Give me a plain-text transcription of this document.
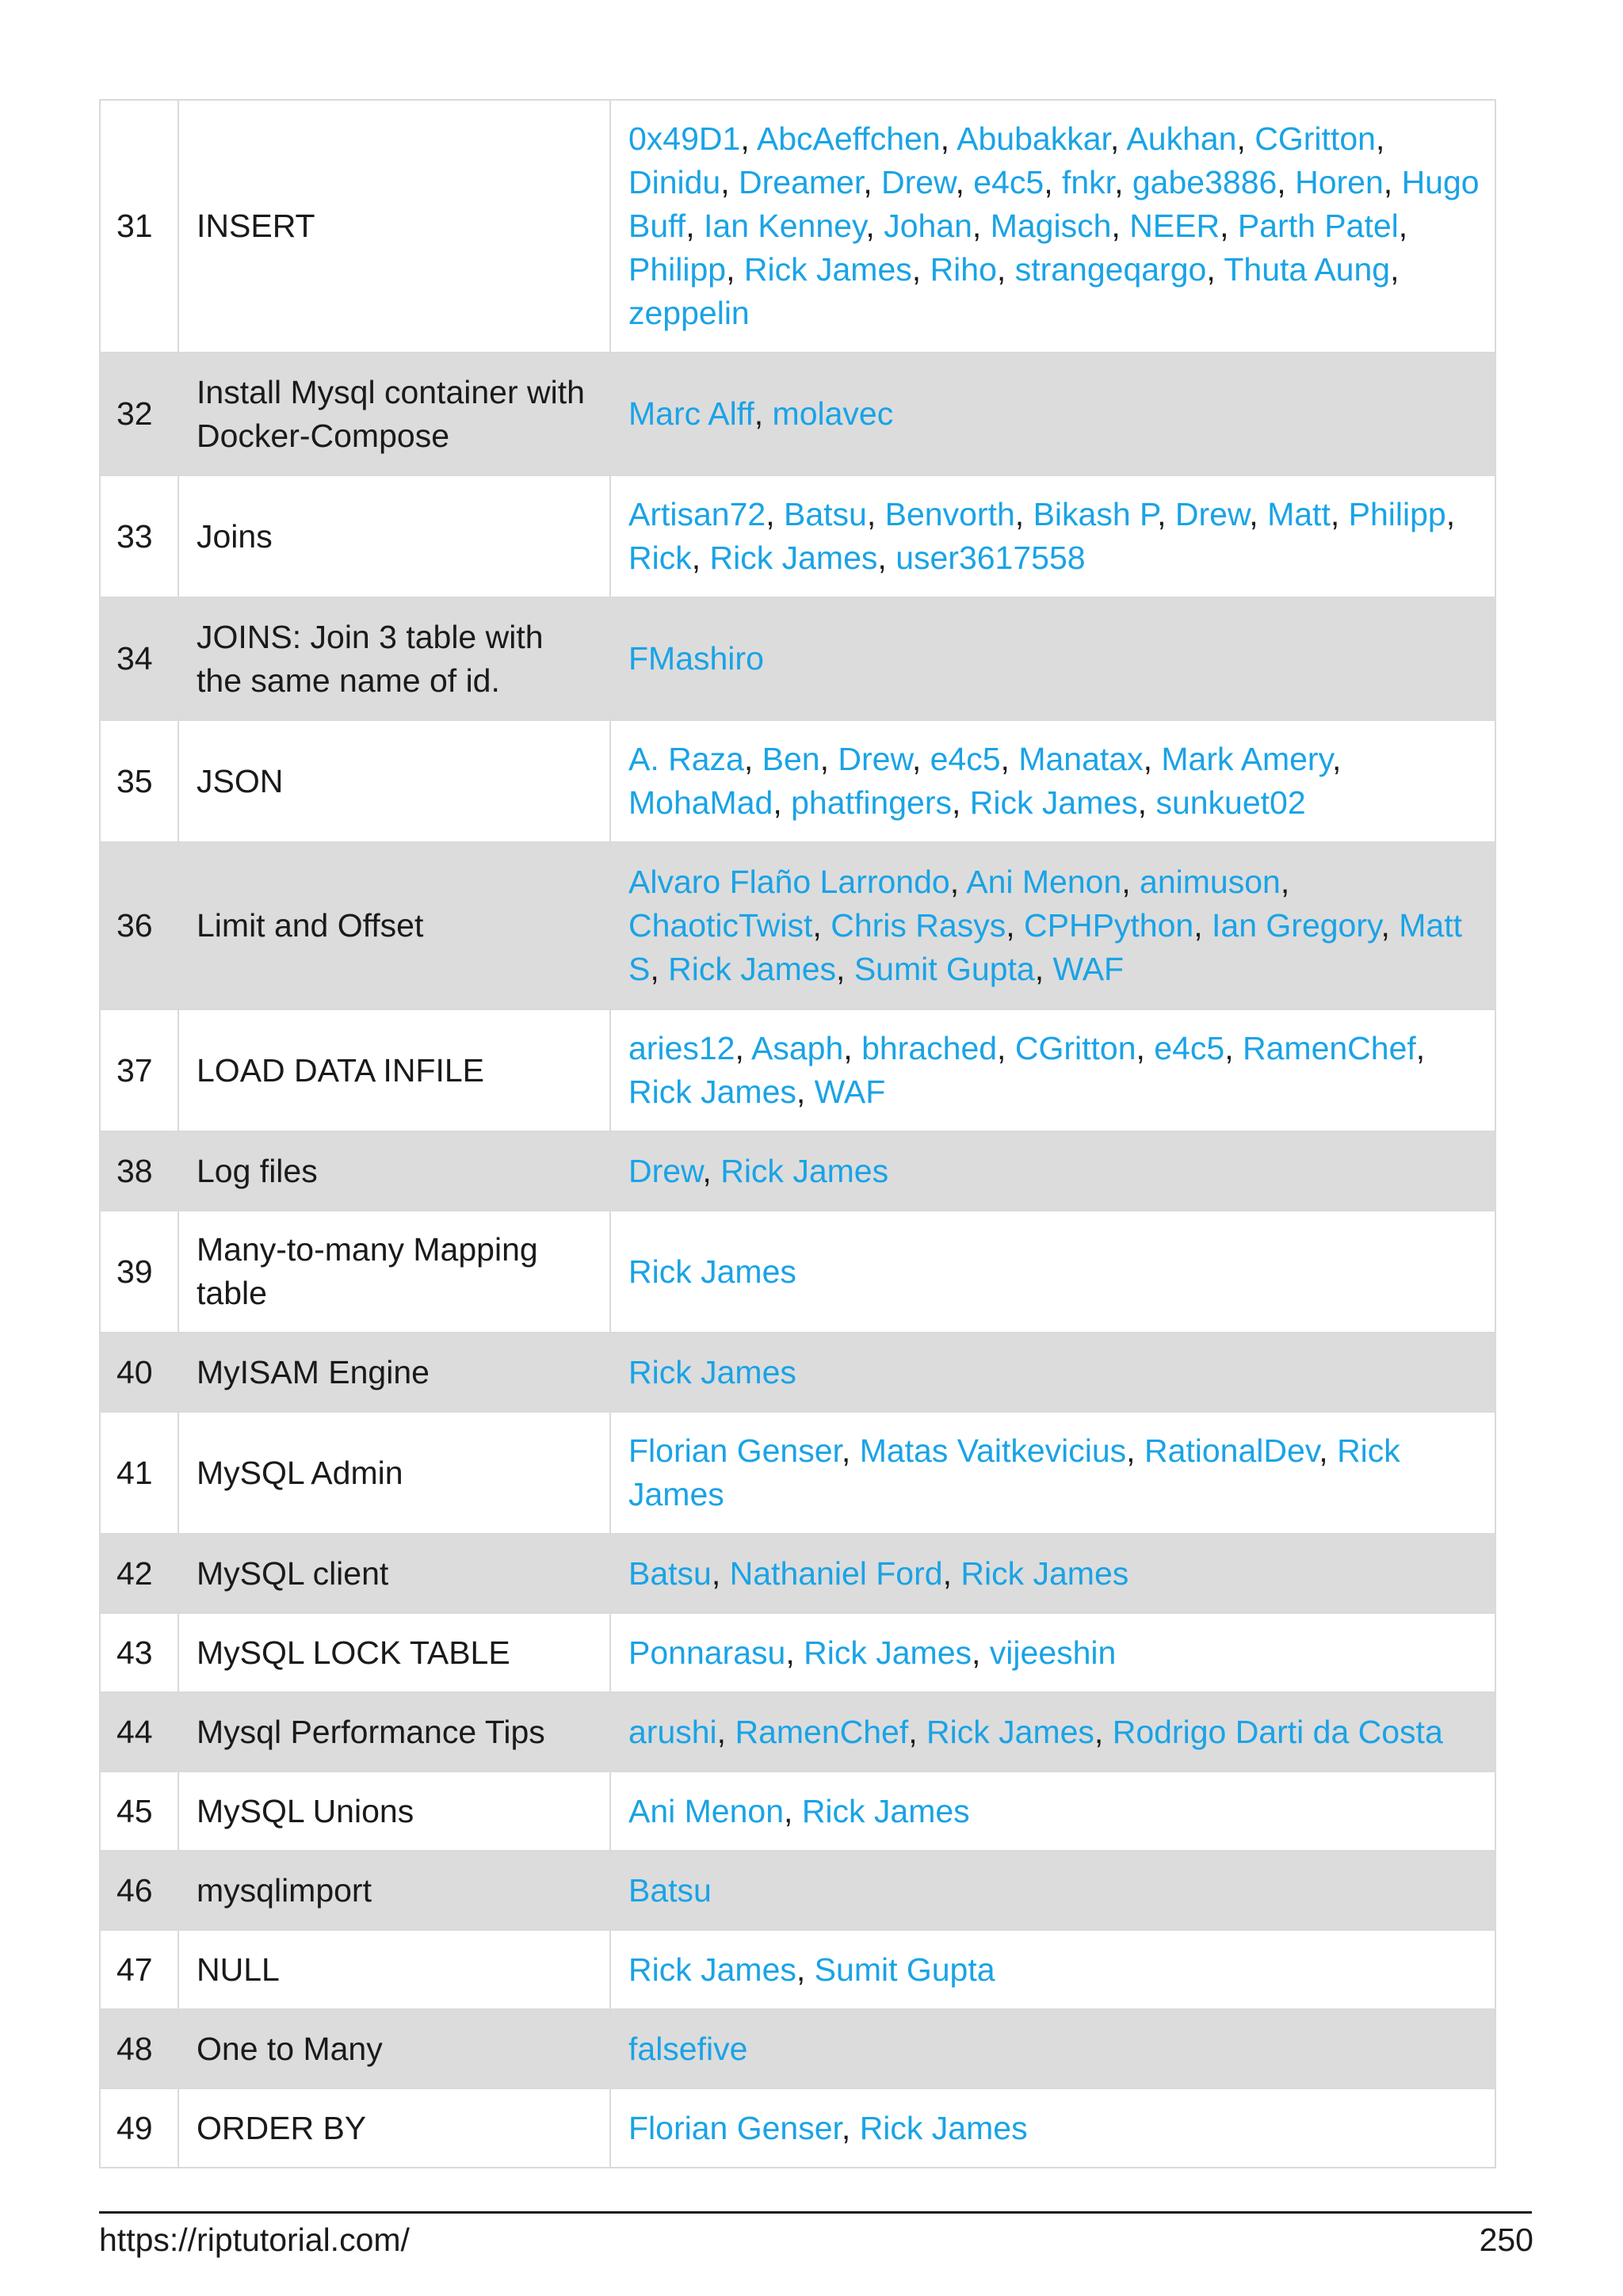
31	INSERT	0x49D1, AbcAeffchen, Abubakkar, Aukhan, CGritton, Dinidu, Dreamer, Drew, e4c5, fnkr, gabe3886, Horen, Hugo Buff, Ian Kenney, Johan, Magisch, NEER, Parth Patel, Philipp, Rick James, Riho, strangeqargo, Thuta Aung, zeppelin
32	Install Mysql container with Docker-Compose	Marc Alff, molavec
33	Joins	Artisan72, Batsu, Benvorth, Bikash P, Drew, Matt, Philipp, Rick, Rick James, user3617558
34	JOINS: Join 3 table with the same name of id.	FMashiro
35	JSON	A. Raza, Ben, Drew, e4c5, Manatax, Mark Amery, MohaMad, phatfingers, Rick James, sunkuet02
36	Limit and Offset	Alvaro Flaño Larrondo, Ani Menon, animuson, ChaoticTwist, Chris Rasys, CPHPython, Ian Gregory, Matt S, Rick James, Sumit Gupta, WAF
37	LOAD DATA INFILE	aries12, Asaph, bhrached, CGritton, e4c5, RamenChef, Rick James, WAF
38	Log files	Drew, Rick James
39	Many-to-many Mapping table	Rick James
40	MyISAM Engine	Rick James
41	MySQL Admin	Florian Genser, Matas Vaitkevicius, RationalDev, Rick James
42	MySQL client	Batsu, Nathaniel Ford, Rick James
43	MySQL LOCK TABLE	Ponnarasu, Rick James, vijeeshin
44	Mysql Performance Tips	arushi, RamenChef, Rick James, Rodrigo Darti da Costa
45	MySQL Unions	Ani Menon, Rick James
46	mysqlimport	Batsu
47	NULL	Rick James, Sumit Gupta
48	One to Many	falsefive
49	ORDER BY	Florian Genser, Rick James
https://riptutorial.com/	250
